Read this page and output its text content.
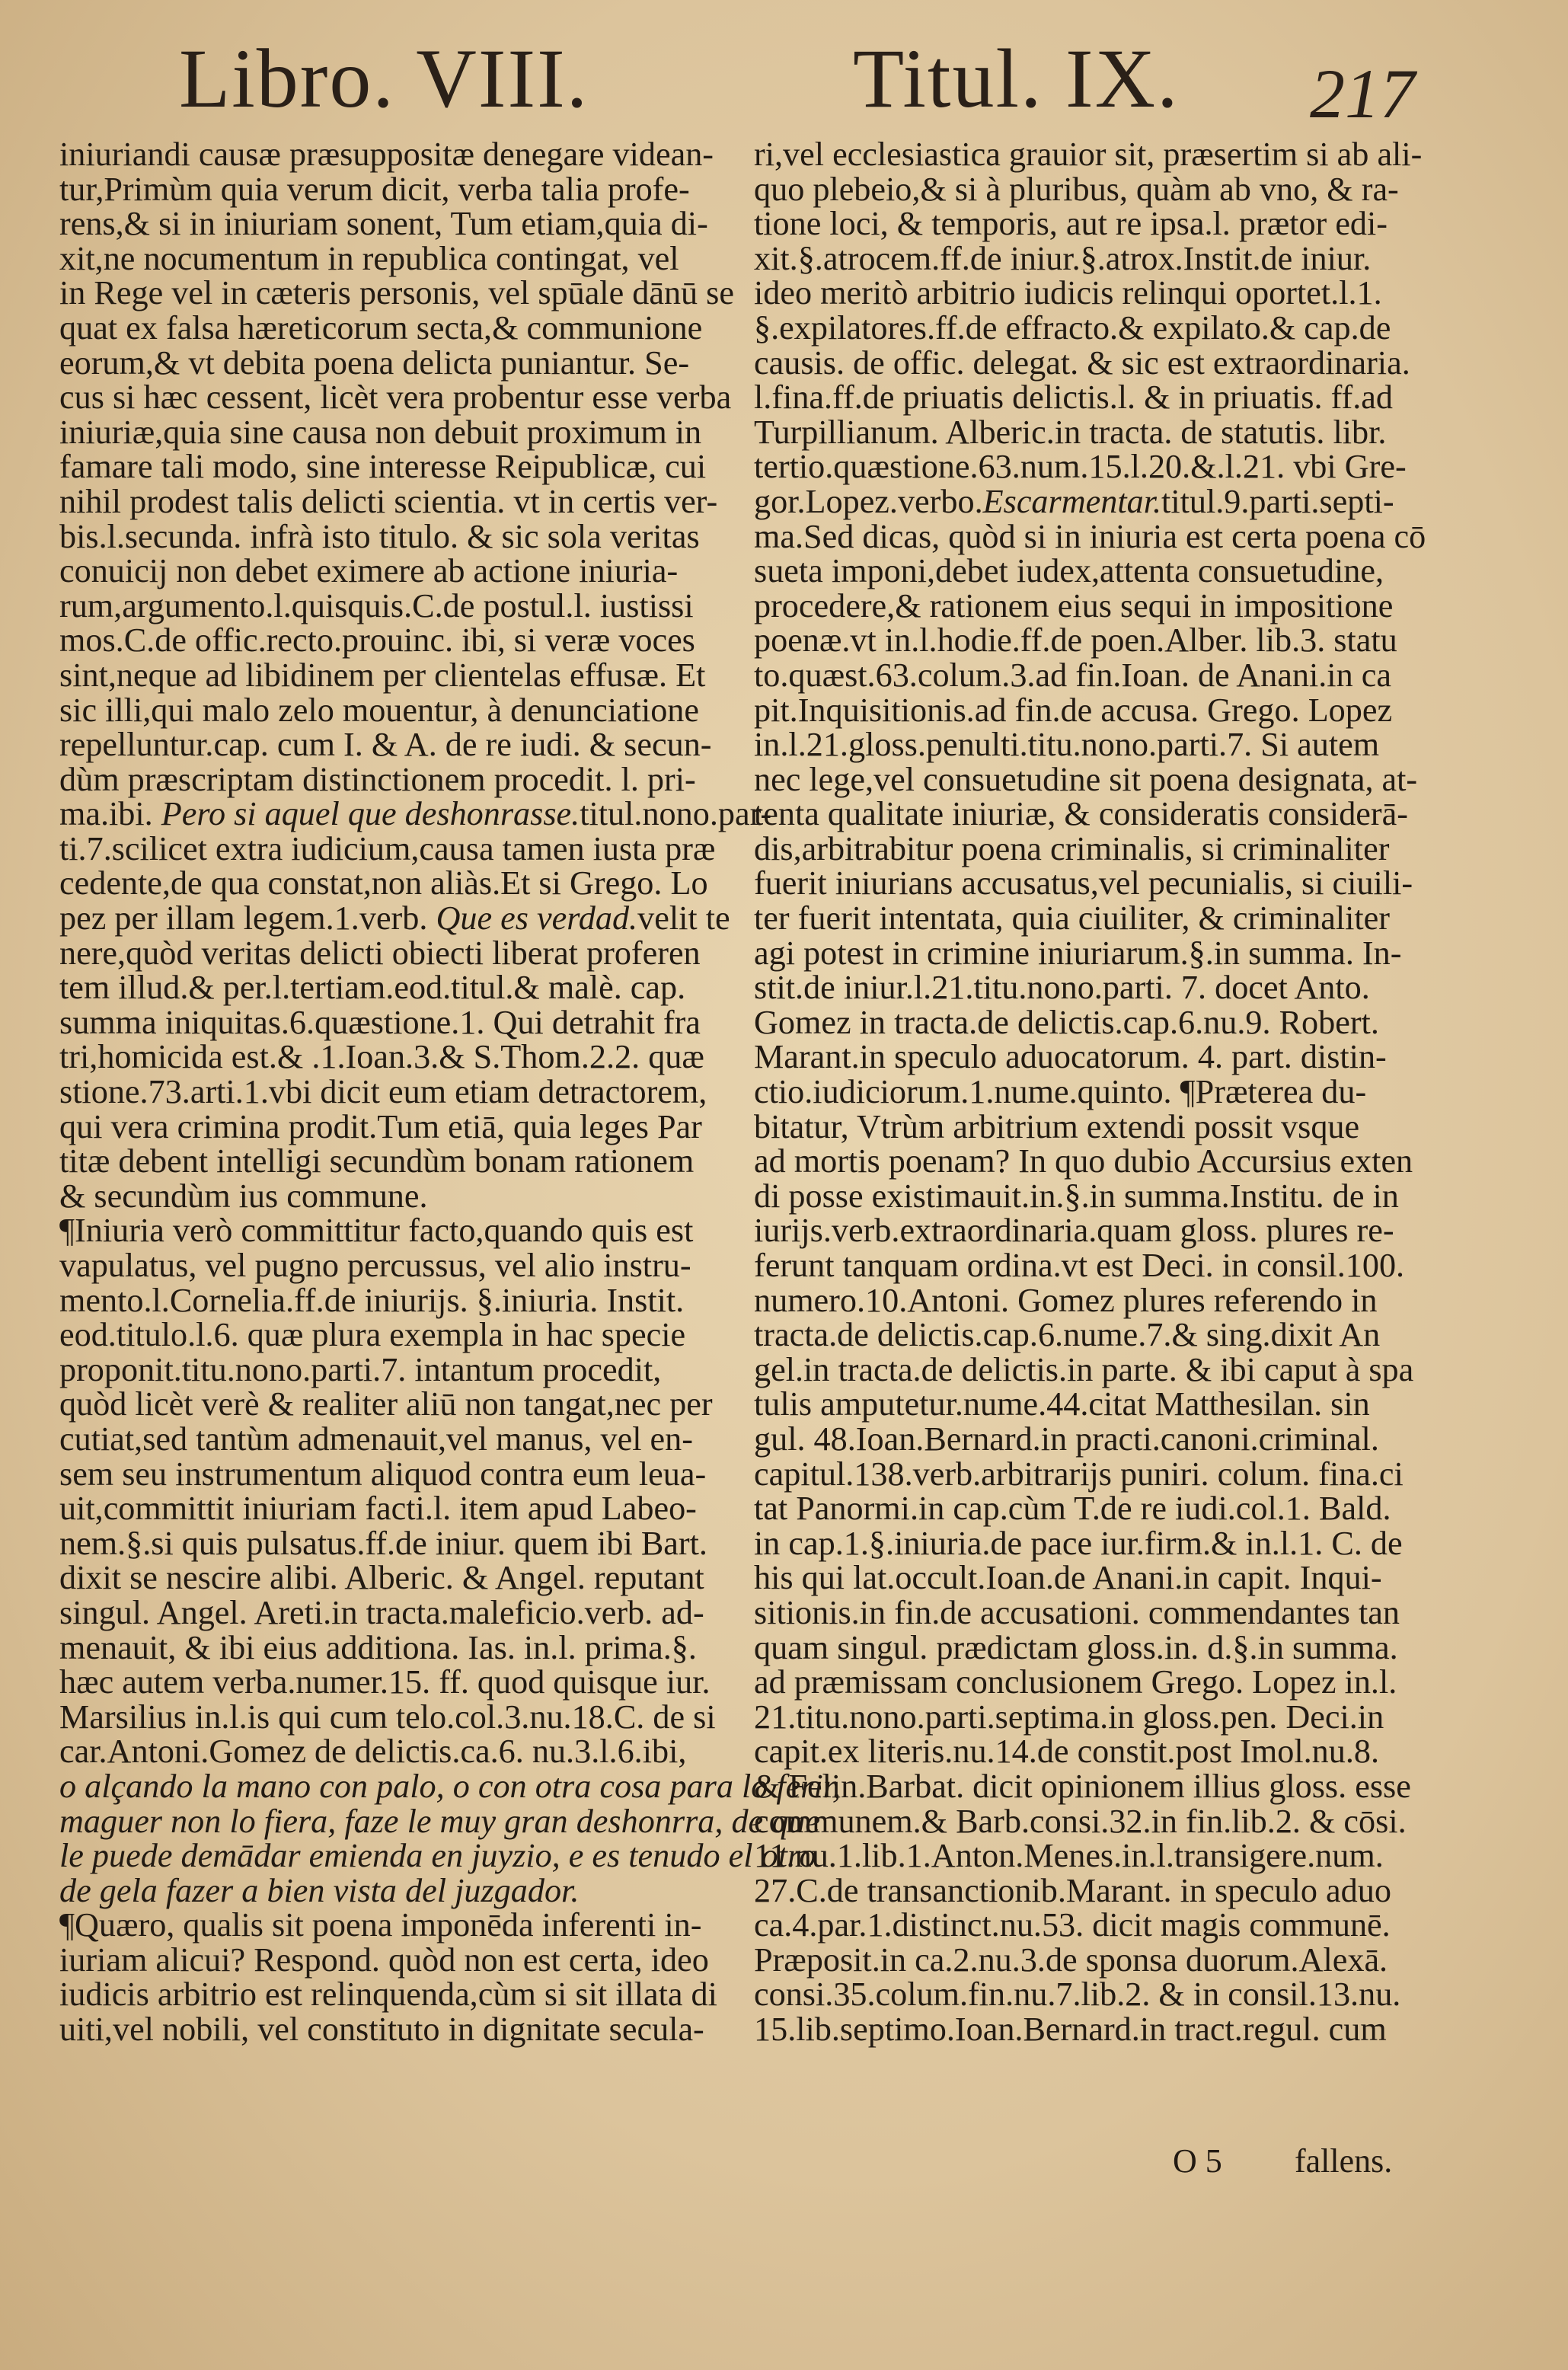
Libro. VIII.	Titul. IX. 217
iniuriandi causæ præsuppositæ denegare videan-
tur,Primùm quia verum dicit, verba talia profe-
rens,& si in iniuriam sonent, Tum etiam,quia di-
xit,ne nocumentum in republica contingat, vel
in Rege vel in cæteris personis, vel spūale dānū se
quat ex falsa hæreticorum secta,& communione
eorum,& vt debita poena delicta puniantur. Se-
cus si hæc cessent, licèt vera probentur esse verba
iniuriæ,quia sine causa non debuit proximum in
famare tali modo, sine interesse Reipublicæ, cui
nihil prodest talis delicti scientia. vt in certis ver-
bis.l.secunda. infrà isto titulo. & sic sola veritas
conuicij non debet eximere ab actione iniuria-
rum,argumento.l.quisquis.C.de postul.l. iustissi
mos.C.de offic.recto.prouinc. ibi, si veræ voces
sint,neque ad libidinem per clientelas effusæ. Et
sic illi,qui malo zelo mouentur, à denunciatione
repelluntur.cap. cum I. & A. de re iudi. & secun-
dùm præscriptam distinctionem procedit. l. pri-
ma.ibi. Pero si aquel que deshonrasse.titul.nono.par-
ti.7.scilicet extra iudicium,causa tamen iusta præ
cedente,de qua constat,non aliàs.Et si Grego. Lo
pez per illam legem.1.verb. Que es verdad.velit te
nere,quòd veritas delicti obiecti liberat proferen
tem illud.& per.l.tertiam.eod.titul.& malè. cap.
summa iniquitas.6.quæstione.1. Qui detrahit fra
tri,homicida est.& .1.Ioan.3.& S.Thom.2.2. quæ
stione.73.arti.1.vbi dicit eum etiam detractorem,
qui vera crimina prodit.Tum etiā, quia leges Par
titæ debent intelligi secundùm bonam rationem
& secundùm ius commune.
¶Iniuria verò committitur facto,quando quis est
vapulatus, vel pugno percussus, vel alio instru-
mento.l.Cornelia.ff.de iniurijs. §.iniuria. Instit.
eod.titulo.l.6. quæ plura exempla in hac specie
proponit.titu.nono.parti.7. intantum procedit,
quòd licèt verè & realiter aliū non tangat,nec per
cutiat,sed tantùm admenauit,vel manus, vel en-
sem seu instrumentum aliquod contra eum leua-
uit,committit iniuriam facti.l. item apud Labeo-
nem.§.si quis pulsatus.ff.de iniur. quem ibi Bart.
dixit se nescire alibi. Alberic. & Angel. reputant
singul. Angel. Areti.in tracta.maleficio.verb. ad-
menauit, & ibi eius additiona. Ias. in.l. prima.§.
hæc autem verba.numer.15. ff. quod quisque iur.
Marsilius in.l.is qui cum telo.col.3.nu.18.C. de si
car.Antoni.Gomez de delictis.ca.6. nu.3.l.6.ibi,
o alçando la mano con palo, o con otra cosa para lo ferir,
maguer non lo fiera, faze le muy gran deshonrra, de que
le puede demādar emienda en juyzio, e es tenudo el otro
de gela fazer a bien vista del juzgador.
¶Quæro, qualis sit poena imponēda inferenti in-
iuriam alicui? Respond. quòd non est certa, ideo
iudicis arbitrio est relinquenda,cùm si sit illata di
uiti,vel nobili, vel constituto in dignitate secula-
ri,vel ecclesiastica grauior sit, præsertim si ab ali-
quo plebeio,& si à pluribus, quàm ab vno, & ra-
tione loci, & temporis, aut re ipsa.l. prætor edi-
xit.§.atrocem.ff.de iniur.§.atrox.Instit.de iniur.
ideo meritò arbitrio iudicis relinqui oportet.l.1.
§.expilatores.ff.de effracto.& expilato.& cap.de
causis. de offic. delegat. & sic est extraordinaria.
l.fina.ff.de priuatis delictis.l. & in priuatis. ff.ad
Turpillianum. Alberic.in tracta. de statutis. libr.
tertio.quæstione.63.num.15.l.20.&.l.21. vbi Gre-
gor.Lopez.verbo.Escarmentar.titul.9.parti.septi-
ma.Sed dicas, quòd si in iniuria est certa poena cō
sueta imponi,debet iudex,attenta consuetudine,
procedere,& rationem eius sequi in impositione
poenæ.vt in.l.hodie.ff.de poen.Alber. lib.3. statu
to.quæst.63.colum.3.ad fin.Ioan. de Anani.in ca
pit.Inquisitionis.ad fin.de accusa. Grego. Lopez
in.l.21.gloss.penulti.titu.nono.parti.7. Si autem
nec lege,vel consuetudine sit poena designata, at-
tenta qualitate iniuriæ, & consideratis considerā-
dis,arbitrabitur poena criminalis, si criminaliter
fuerit iniurians accusatus,vel pecunialis, si ciuili-
ter fuerit intentata, quia ciuiliter, & criminaliter
agi potest in crimine iniuriarum.§.in summa. In-
stit.de iniur.l.21.titu.nono.parti. 7. docet Anto.
Gomez in tracta.de delictis.cap.6.nu.9. Robert.
Marant.in speculo aduocatorum. 4. part. distin-
ctio.iudiciorum.1.nume.quinto. ¶Præterea du-
bitatur, Vtrùm arbitrium extendi possit vsque
ad mortis poenam? In quo dubio Accursius exten
di posse existimauit.in.§.in summa.Institu. de in
iurijs.verb.extraordinaria.quam gloss. plures re-
ferunt tanquam ordina.vt est Deci. in consil.100.
numero.10.Antoni. Gomez plures referendo in
tracta.de delictis.cap.6.nume.7.& sing.dixit An
gel.in tracta.de delictis.in parte. & ibi caput à spa
tulis amputetur.nume.44.citat Matthesilan. sin
gul. 48.Ioan.Bernard.in practi.canoni.criminal.
capitul.138.verb.arbitrarijs puniri. colum. fina.ci
tat Panormi.in cap.cùm T.de re iudi.col.1. Bald.
in cap.1.§.iniuria.de pace iur.firm.& in.l.1. C. de
his qui lat.occult.Ioan.de Anani.in capit. Inqui-
sitionis.in fin.de accusationi. commendantes tan
quam singul. prædictam gloss.in. d.§.in summa.
ad præmissam conclusionem Grego. Lopez in.l.
21.titu.nono.parti.septima.in gloss.pen. Deci.in
capit.ex literis.nu.14.de constit.post Imol.nu.8.
& Felin.Barbat. dicit opinionem illius gloss. esse
communem.& Barb.consi.32.in fin.lib.2. & cōsi.
11.nu.1.lib.1.Anton.Menes.in.l.transigere.num.
27.C.de transanctionib.Marant. in speculo aduo
ca.4.par.1.distinct.nu.53. dicit magis communē.
Præposit.in ca.2.nu.3.de sponsa duorum.Alexā.
consi.35.colum.fin.nu.7.lib.2. & in consil.13.nu.
15.lib.septimo.Ioan.Bernard.in tract.regul. cum
O 5 fallens.
